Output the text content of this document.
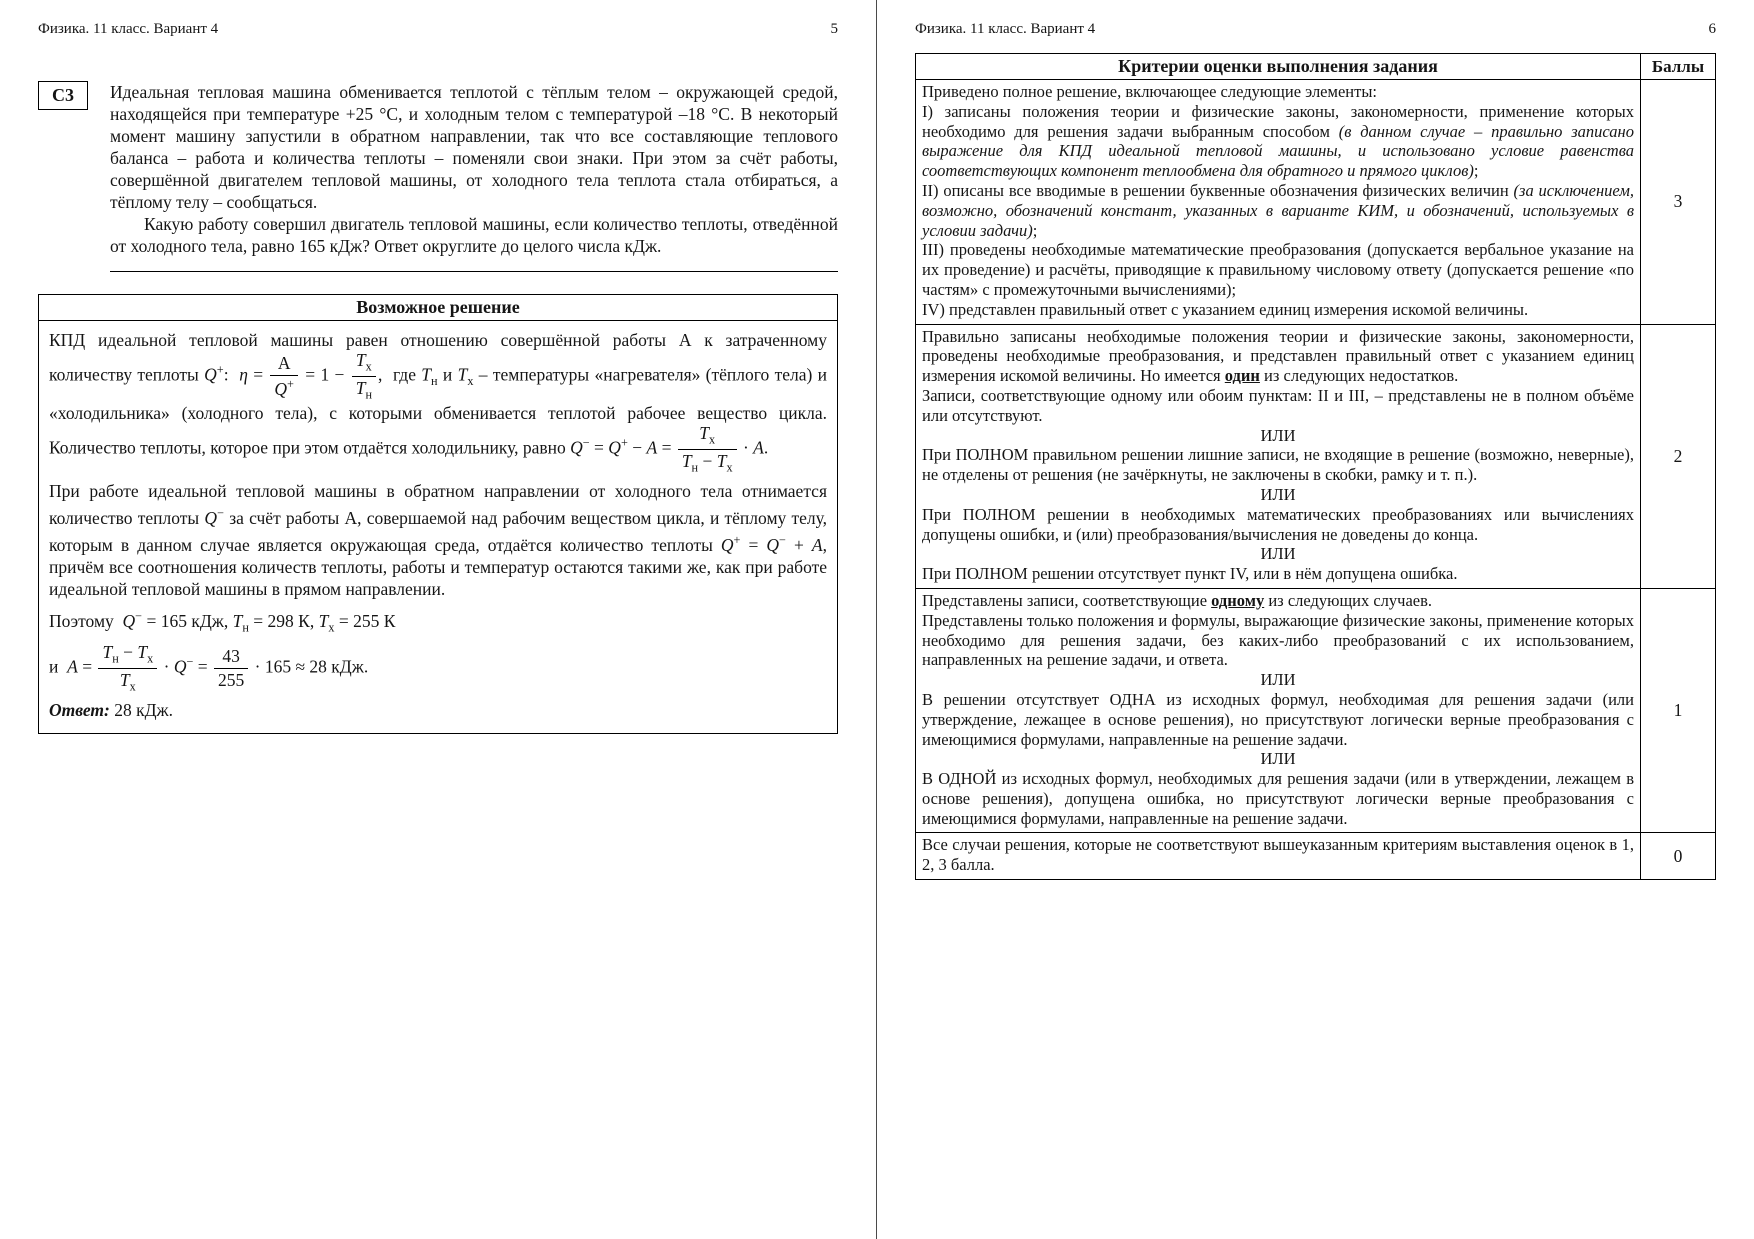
Физика. 11 класс. Вариант 4	5
С3 Идеальная тепловая машина обменивается теплотой с тёплым телом – окружающей средой, находящейся при температуре +25 °С, и холодным телом с температурой –18 °С. В некоторый момент машину запустили в обратном направлении, так что все составляющие теплового баланса – работа и количества теплоты – поменяли свои знаки. При этом за счёт работы, совершённой двигателем тепловой машины, от холодного тела теплота стала отбираться, а тёплому телу – сообщаться.

Какую работу совершил двигатель тепловой машины, если количество теплоты, отведённой от холодного тела, равно 165 кДж? Ответ округлите до целого числа кДж.

Возможное решение

КПД идеальной тепловой машины равен отношению совершённой работы А к затраченному количеству теплоты Q+:  $\eta = \frac{А}{Q^+} = 1 - \frac{T_х}{T_н}$ ,  где $T_н$ и $T_х$ – температуры «нагревателя» (тёплого тела) и «холодильника» (холодного тела), с которыми обменивается теплотой рабочее вещество цикла. Количество теплоты, которое при этом отдаётся холодильнику, равно $Q^- = Q^+ - A = \frac{T_х}{T_н - T_х} \cdot A$.

При работе идеальной тепловой машины в обратном направлении от холодного тела отнимается количество теплоты Q− за счёт работы А, совершаемой над рабочим веществом цикла, и тёплому телу, которым в данном случае является окружающая среда, отдаётся количество теплоты Q+ = Q− + A, причём все соотношения количеств теплоты, работы и температур остаются такими же, как при работе идеальной тепловой машины в прямом направлении.

Поэтому  Q− = 165 кДж, $T_н = 298$ К, $T_х = 255$ К

и  $A = \frac{T_н - T_х}{T_х} \cdot Q^- = \frac{43}{255} \cdot 165 \approx 28$ кДж.

Ответ: 28 кДж.

Физика. 11 класс. Вариант 4	6
Критерии оценки выполнения задания	Баллы

Приведено полное решение, включающее следующие элементы:

I) записаны положения теории и физические законы, закономерности, применение которых необходимо для решения задачи выбранным способом (в данном случае – правильно записано выражение для КПД идеальной тепловой машины, и использовано условие равенства соответствующих компонент теплообмена для обратного и прямого циклов);

II) описаны все вводимые в решении буквенные обозначения физических величин (за исключением, возможно, обозначений констант, указанных в варианте КИМ, и обозначений, используемых в условии задачи);

III) проведены необходимые математические преобразования (допускается вербальное указание на их проведение) и расчёты, приводящие к правильному числовому ответу (допускается решение «по частям» с промежуточными вычислениями);

IV) представлен правильный ответ с указанием единиц измерения искомой величины.	3

Правильно записаны необходимые положения теории и физические законы, закономерности, проведены необходимые преобразования, и представлен правильный ответ с указанием единиц измерения искомой величины. Но имеется один из следующих недостатков.

Записи, соответствующие одному или обоим пунктам: II и III, – представлены не в полном объёме или отсутствуют.

ИЛИ

При ПОЛНОМ правильном решении лишние записи, не входящие в решение (возможно, неверные), не отделены от решения (не зачёркнуты, не заключены в скобки, рамку и т. п.).

ИЛИ

При ПОЛНОМ решении в необходимых математических преобразованиях или вычислениях допущены ошибки, и (или) преобразования/вычисления не доведены до конца.

ИЛИ

При ПОЛНОМ решении отсутствует пункт IV, или в нём допущена ошибка.

	2

Представлены записи, соответствующие одному из следующих случаев.

Представлены только положения и формулы, выражающие физические законы, применение которых необходимо для решения задачи, без каких-либо преобразований с их использованием, направленных на решение задачи, и ответа.

ИЛИ

В решении отсутствует ОДНА из исходных формул, необходимая для решения задачи (или утверждение, лежащее в основе решения), но присутствуют логически верные преобразования с имеющимися формулами, направленные на решение задачи.

ИЛИ

В ОДНОЙ из исходных формул, необходимых для решения задачи (или в утверждении, лежащем в основе решения), допущена ошибка, но присутствуют логически верные преобразования с имеющимися формулами, направленные на решение задачи.

	1

Все случаи решения, которые не соответствуют вышеуказанным критериям выставления оценок в 1, 2, 3 балла.	0
